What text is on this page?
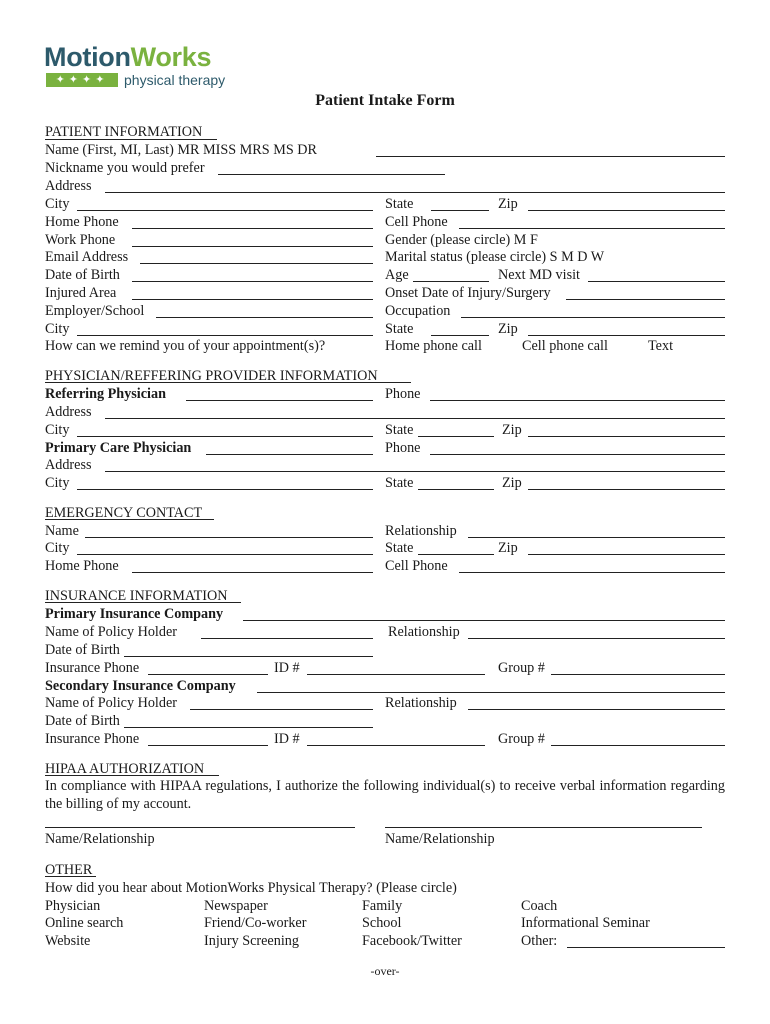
MotionWorks
✦✦✦✦	physical therapy
Patient Intake Form
PATIENT INFORMATION
Name (First, MI, Last) MR MISS MRS MS DR
Nickname you would prefer
Address
City	State	Zip
Home Phone	Cell Phone
Work Phone	Gender (please circle) M F
Email Address	Marital status (please circle) S M D W
Date of Birth	Age	Next MD visit
Injured Area	Onset Date of Injury/Surgery
Employer/School	Occupation
City	State	Zip
How can we remind you of your appointment(s)?	Home phone call	Cell phone call	Text
PHYSICIAN/REFFERING PROVIDER INFORMATION
Referring Physician	Phone
Address
City	State	Zip
Primary Care Physician	Phone
Address
City	State	Zip
EMERGENCY CONTACT
Name	Relationship
City	State	Zip
Home Phone	Cell Phone
INSURANCE INFORMATION
Primary Insurance Company
Name of Policy Holder	Relationship
Date of Birth
Insurance Phone	ID #	Group #
Secondary Insurance Company
Name of Policy Holder	Relationship
Date of Birth
Insurance Phone	ID #	Group #
HIPAA AUTHORIZATION
In compliance with HIPAA regulations, I authorize the following individual(s) to receive verbal information regarding the billing of my account.
Name/Relationship	Name/Relationship
OTHER
How did you hear about MotionWorks Physical Therapy? (Please circle)
Physician	Newspaper	Family	Coach
Online search	Friend/Co-worker	School	Informational Seminar
Website	Injury Screening	Facebook/Twitter	Other:
-over-
